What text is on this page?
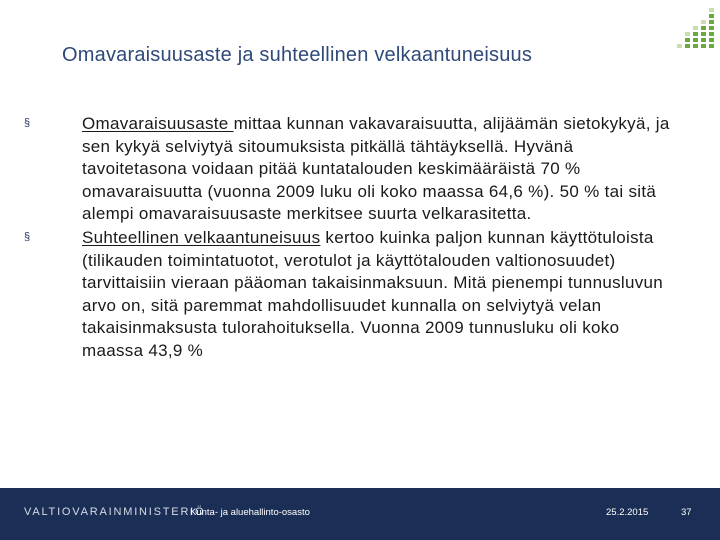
Omavaraisuusaste ja suhteellinen velkaantuneisuus
§	Omavaraisuusaste mittaa kunnan vakavaraisuutta, alijäämän sietokykyä, ja sen kykyä selviytyä sitoumuksista pitkällä tähtäyksellä. Hyvänä tavoitetasona voidaan pitää kuntatalouden keskimääräistä 70 % omavaraisuutta (vuonna 2009 luku oli koko maassa 64,6 %). 50 % tai sitä alempi omavaraisuusaste merkitsee suurta velkarasitetta.
§	Suhteellinen velkaantuneisuus kertoo kuinka paljon kunnan käyttötuloista (tilikauden toimintatuotot, verotulot ja käyttötalouden valtionosuudet) tarvittaisiin vieraan pääoman takaisinmaksuun. Mitä pienempi tunnusluvun arvo on, sitä paremmat mahdollisuudet kunnalla on selviytyä velan takaisinmaksusta tulorahoituksella. Vuonna 2009 tunnusluku oli koko maassa 43,9 %
VALTIOVARAINMINISTERIÖ
Kunta- ja aluehallinto-osasto	25.2.2015	37
